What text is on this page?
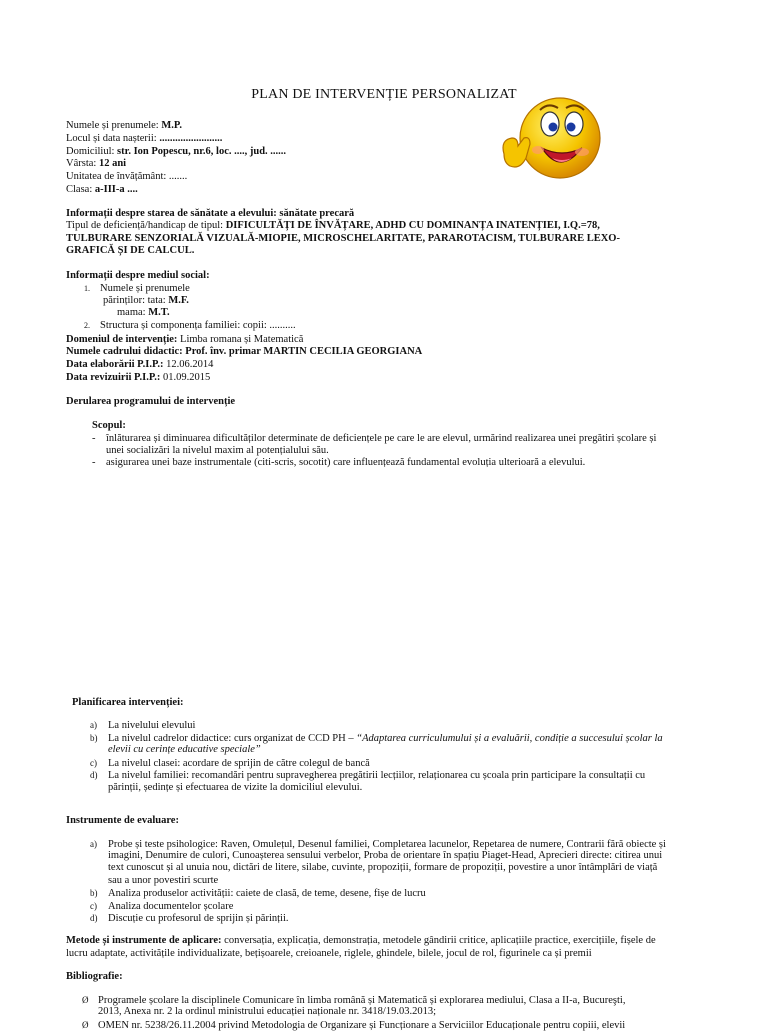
PLAN DE INTERVENȚIE PERSONALIZAT
Numele și prenumele: M.P.
Locul și data nașterii: ........................
Domiciliul: str. Ion Popescu, nr.6, loc. ...., jud. ......
Vârsta: 12 ani
Unitatea de învățământ: .......
Clasa: a-III-a ....
Informații despre starea de sănătate a elevului: sănătate precară
Tipul de deficiență/handicap de tipul: DIFICULTĂȚI DE ÎNVĂȚARE, ADHD CU DOMINANȚA INATENȚIEI, I.Q.=78,
TULBURARE SENZORIALĂ VIZUALĂ-MIOPIE, MICROSCHELARITATE, PARAROTACISM, TULBURARE LEXO-
GRAFICĂ ȘI DE CALCUL.
Informații despre mediul social:
1. Numele și prenumele
părinților: tata: M.F.
mama: M.T.
2. Structura și componența familiei: copii: ..........
Domeniul de intervenție: Limba romana și Matematică
Numele cadrului didactic: Prof. înv. primar MARTIN CECILIA GEORGIANA
Data elaborării P.I.P.: 12.06.2014
Data revizuirii P.I.P.: 01.09.2015
Derularea programului de intervenție
Scopul:
- înlăturarea și diminuarea dificultăților determinate de deficiențele pe care le are elevul, urmărind realizarea unei pregătiri școlare și
unei socializări la nivelul maxim al potențialului său.
- asigurarea unei baze instrumentale (citi-scris, socotit) care influențează fundamental evoluția ulterioară a elevului.
Planificarea intervenției:
a) La nivelului elevului
b) La nivelul cadrelor didactice: curs organizat de CCD PH – “Adaptarea curriculumului și a evaluării, condiție a succesului școlar la
elevii cu cerințe educative speciale”
c) La nivelul clasei: acordare de sprijin de către colegul de bancă
d) La nivelul familiei: recomandări pentru supravegherea pregătirii lecțiilor, relaționarea cu școala prin participare la consultații cu
părinții, ședințe și efectuarea de vizite la domiciliul elevului.
Instrumente de evaluare:
a) Probe și teste psihologice: Raven, Omulețul, Desenul familiei, Completarea lacunelor, Repetarea de numere, Contrarii fără obiecte și
imagini, Denumire de culori, Cunoașterea sensului verbelor, Proba de orientare în spațiu Piaget-Head, Aprecieri directe: citirea unui
text cunoscut și al unuia nou, dictări de litere, silabe, cuvinte, propoziții, formare de propoziții, povestire a unor întâmplări de viață
sau a unor povestiri scurte
b) Analiza produselor activității: caiete de clasă, de teme, desene, fișe de lucru
c) Analiza documentelor școlare
d) Discuție cu profesorul de sprijin și părinții.
Metode și instrumente de aplicare: conversația, explicația, demonstrația, metodele gândirii critice, aplicațiile practice, exercițiile, fișele de
lucru adaptate, activitățile individualizate, bețișoarele, creioanele, riglele, ghindele, bilele, jocul de rol, figurinele ca și premii
Bibliografie:
Ø Programele școlare la disciplinele Comunicare în limba română și Matematică și explorarea mediului, Clasa a II-a, Bucureşti,
2013, Anexa nr. 2 la ordinul ministrului educației naționale nr. 3418/19.03.2013;
Ø OMEN nr. 5238/26.11.2004 privind Metodologia de Organizare și Funcționare a Serviciilor Educaționale pentru copiii, elevii
